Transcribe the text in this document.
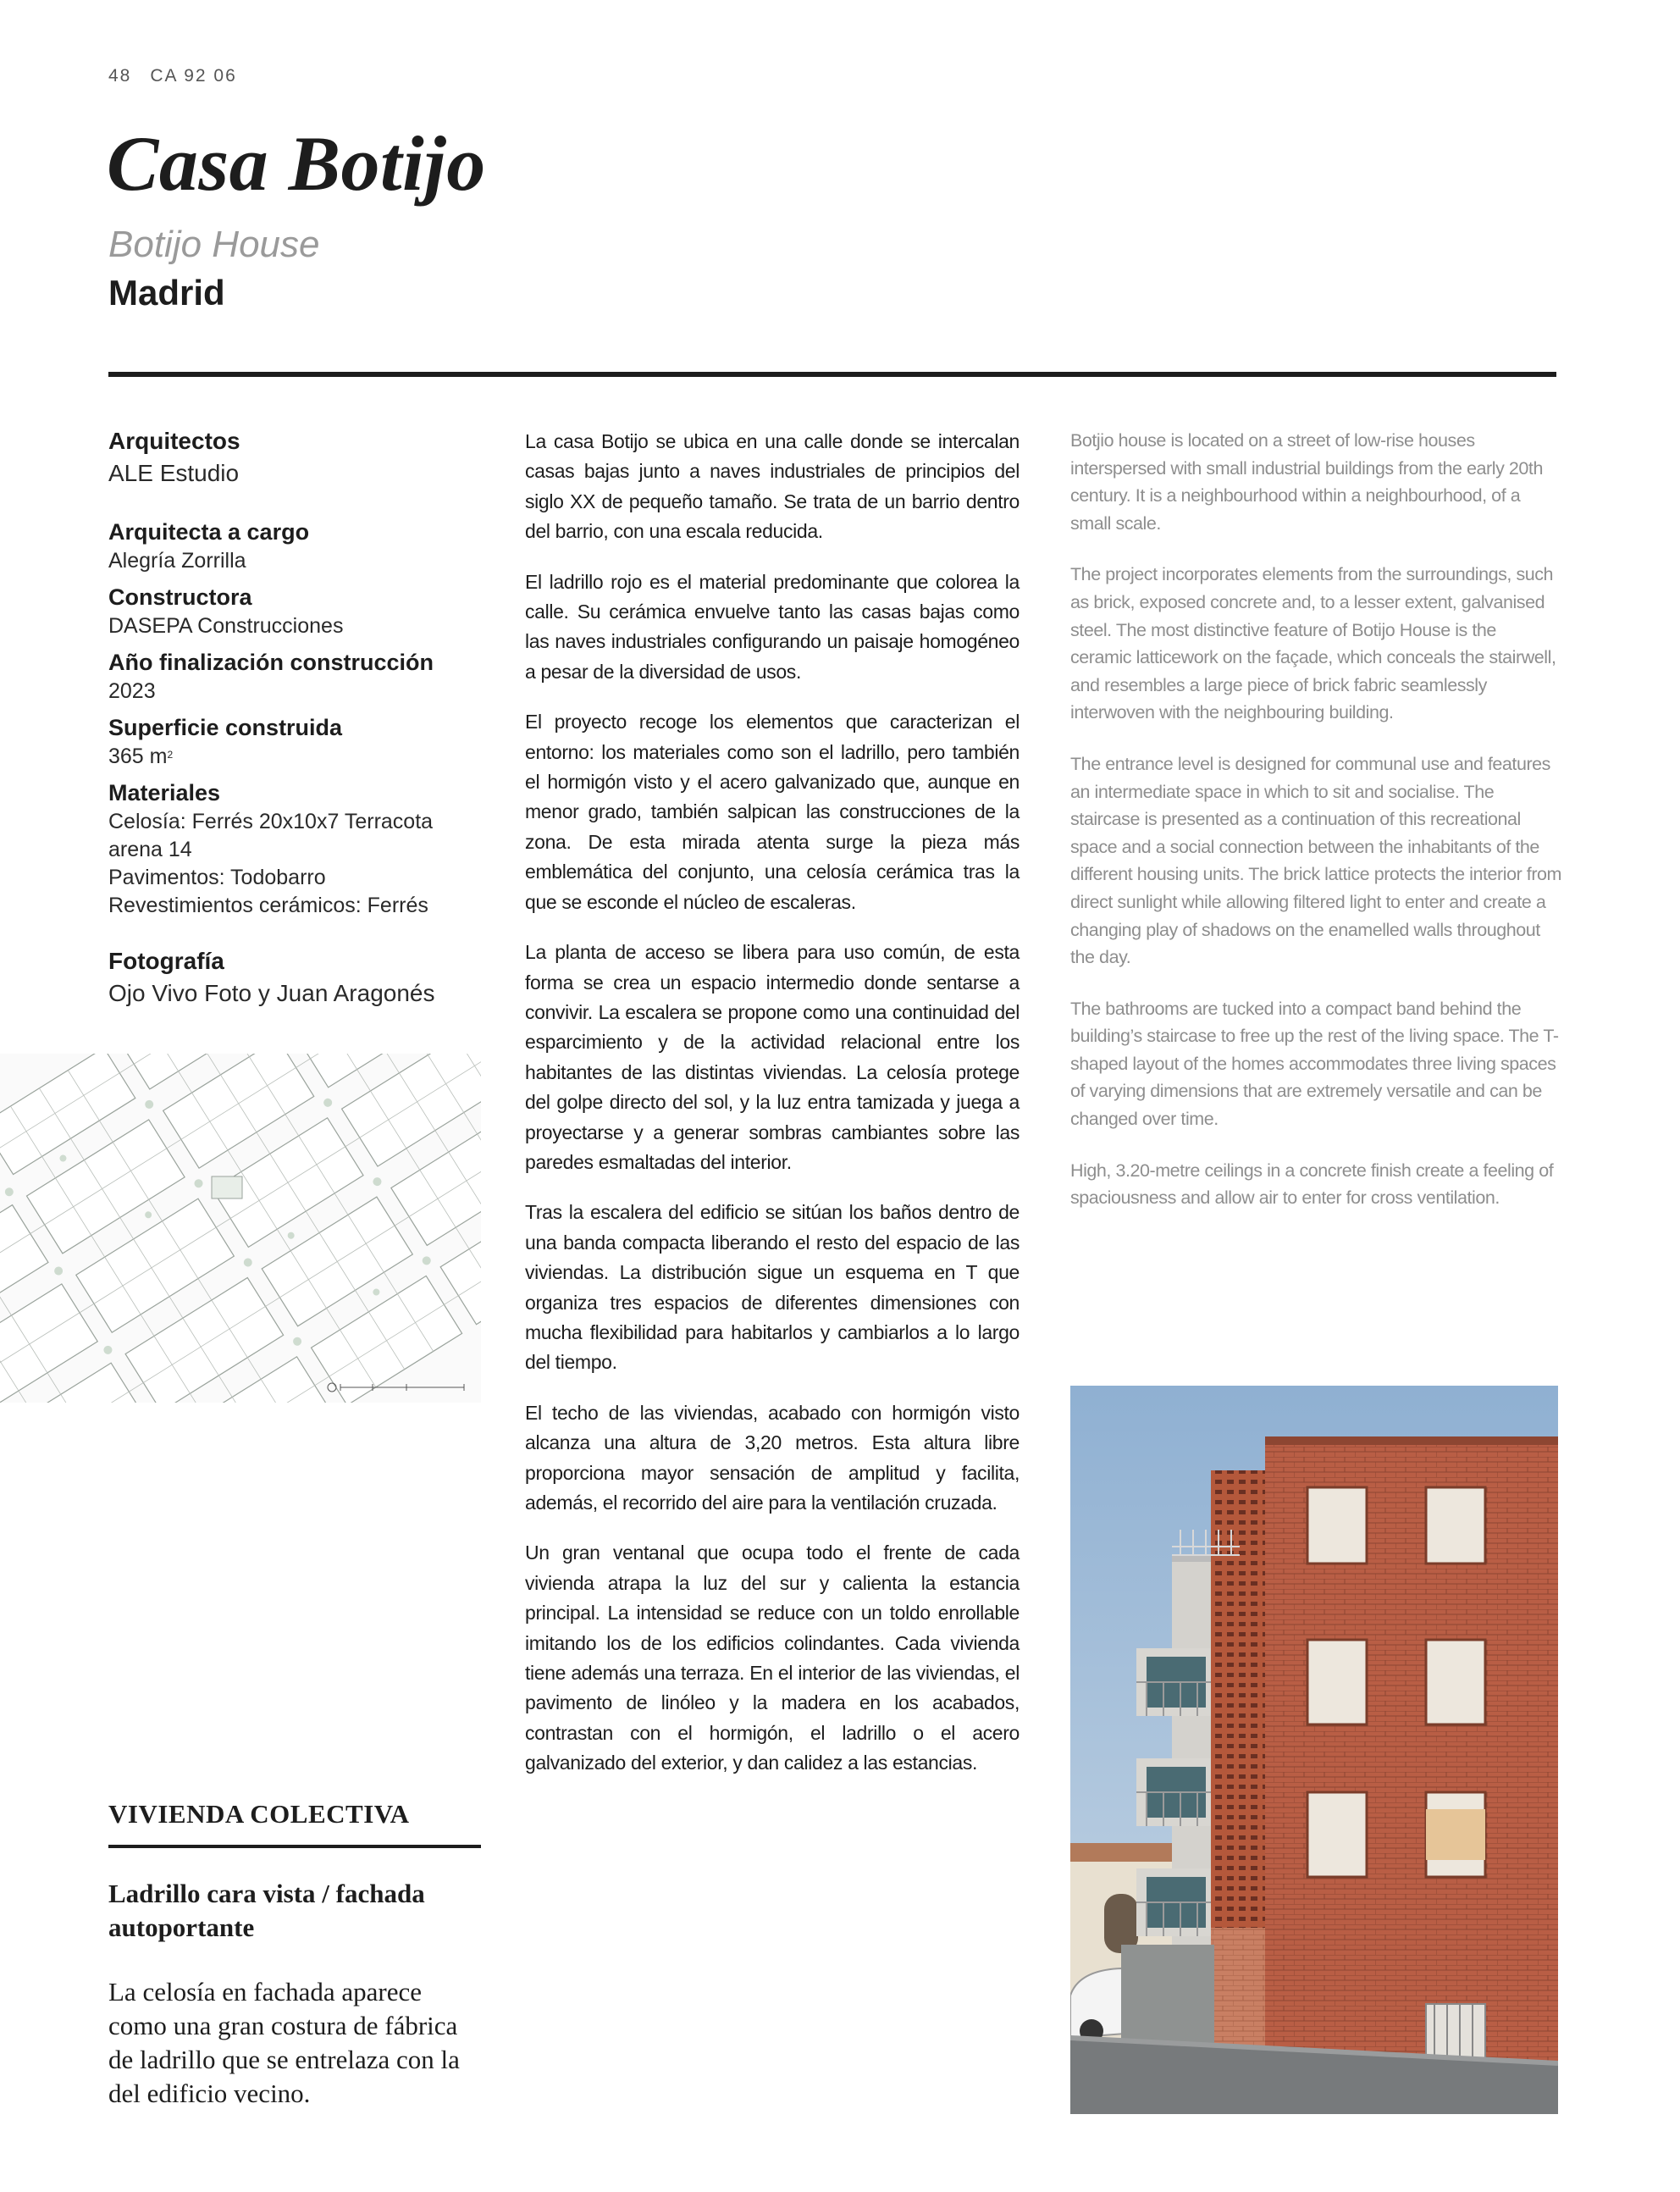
48 CA 92 06
Casa Botijo
Botijo House
Madrid
Arquitectos
ALE Estudio
Arquitecta a cargo
Alegría Zorrilla
Constructora
DASEPA Construcciones
Año finalización construcción
2023
Superficie construida
365 $m^2$
Materiales
Celosía: Ferrés 20x10x7 Terracota
arena 14
Pavimentos: Todobarro
Revestimientos cerámicos: Ferrés
Fotografía
Ojo Vivo Foto y Juan Aragonés
VIVIENDA COLECTIVA
Ladrillo cara vista / fachada autoportante
La celosía en fachada aparece como una gran costura de fábrica de ladrillo que se entrelaza con la del edificio vecino.

La casa Botijo se ubica en una calle donde se intercalan casas bajas junto a naves industriales de principios del siglo XX de pequeño tamaño. Se trata de un barrio dentro del barrio, con una escala reducida.

El ladrillo rojo es el material predominante que colorea la calle. Su cerámica envuelve tanto las casas bajas como las naves industriales configurando un paisaje homogéneo a pesar de la diversidad de usos.

El proyecto recoge los elementos que caracterizan el entorno: los materiales como son el ladrillo, pero también el hormigón visto y el acero galvanizado que, aunque en menor grado, también salpican las construcciones de la zona. De esta mirada atenta surge la pieza más emblemática del conjunto, una celosía cerámica tras la que se esconde el núcleo de escaleras.

La planta de acceso se libera para uso común, de esta forma se crea un espacio intermedio donde sentarse a convivir. La escalera se propone como una continuidad del esparcimiento y de la actividad relacional entre los habitantes de las distintas viviendas. La celosía protege del golpe directo del sol, y la luz entra tamizada y juega a proyectarse y a generar sombras cambiantes sobre las paredes esmaltadas del interior.

Tras la escalera del edificio se sitúan los baños dentro de una banda compacta liberando el resto del espacio de las viviendas. La distribución sigue un esquema en T que organiza tres espacios de diferentes dimensiones con mucha flexibilidad para habitarlos y cambiarlos a lo largo del tiempo.

El techo de las viviendas, acabado con hormigón visto alcanza una altura de 3,20 metros. Esta altura libre proporciona mayor sensación de amplitud y facilita, además, el recorrido del aire para la ventilación cruzada.

Un gran ventanal que ocupa todo el frente de cada vivienda atrapa la luz del sur y calienta la estancia principal. La intensidad se reduce con un toldo enrollable imitando los de los edificios colindantes. Cada vivienda tiene además una terraza. En el interior de las viviendas, el pavimento de linóleo y la madera en los acabados, contrastan con el hormigón, el ladrillo o el acero galvanizado del exterior, y dan calidez a las estancias.

Botjio house is located on a street of low-rise houses interspersed with small industrial buildings from the early 20th century. It is a neighbourhood within a neighbourhood, of a small scale.

The project incorporates elements from the surroundings, such as brick, exposed concrete and, to a lesser extent, galvanised steel. The most distinctive feature of Botijo House is the ceramic latticework on the façade, which conceals the stairwell, and resembles a large piece of brick fabric seamlessly interwoven with the neighbouring building.

The entrance level is designed for communal use and features an intermediate space in which to sit and socialise. The staircase is presented as a continuation of this recreational space and a social connection between the inhabitants of the different housing units. The brick lattice protects the interior from direct sunlight while allowing filtered light to enter and create a changing play of shadows on the enamelled walls throughout the day.

The bathrooms are tucked into a compact band behind the building’s staircase to free up the rest of the living space. The T-shaped layout of the homes accommodates three living spaces of varying dimensions that are extremely versatile and can be changed over time.

High, 3.20-metre ceilings in a concrete finish create a feeling of spaciousness and allow air to enter for cross ventilation.
